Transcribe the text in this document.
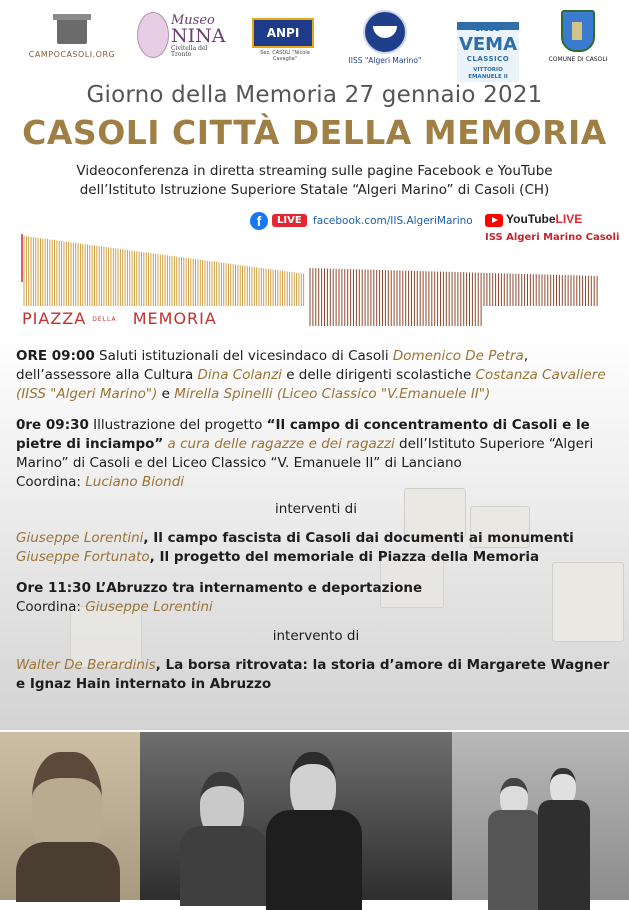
CAMPOCASOLI.ORG
Museo
NINA
Civitella del Tronto
ANPI
Sez. CASOLI "Nicola Cavaglia"	IISS "Algeri Marino"
LICEO CLASSICO
VEMA
VITTORIO EMANUELE II
COMUNE DI CASOLI
Giorno della Memoria 27 gennaio 2021
CASOLI CITTÀ DELLA MEMORIA
Videoconferenza in diretta streaming sulle pagine Facebook e YouTube
dell’Istituto Istruzione Superiore Statale “Algeri Marino” di Casoli (CH)
f	LIVE	facebook.com/IIS.AlgeriMarino	YouTubeLIVE
ISS Algeri Marino Casoli
PIAZZA DELLA MEMORIA

ORE 09:00 Saluti istituzionali del vicesindaco di Casoli Domenico De Petra, dell’assessore alla Cultura Dina Colanzi e delle dirigenti scolastiche Costanza Cavaliere (IISS "Algeri Marino") e Mirella Spinelli (Liceo Classico "V.Emanuele II")

0re 09:30 Illustrazione del progetto “Il campo di concentramento di Casoli e le pietre di inciampo” a cura delle ragazze e dei ragazzi dell’Istituto Superiore “Algeri Marino” di Casoli e del Liceo Classico “V. Emanuele II” di Lanciano
Coordina: Luciano Biondi

interventi di

Giuseppe Lorentini, Il campo fascista di Casoli dai documenti ai monumenti
Giuseppe Fortunato, Il progetto del memoriale di Piazza della Memoria

Ore 11:30 L’Abruzzo tra internamento e deportazione
Coordina: Giuseppe Lorentini

intervento di

Walter De Berardinis, La borsa ritrovata: la storia d’amore di Margarete Wagner e Ignaz Hain internato in Abruzzo
